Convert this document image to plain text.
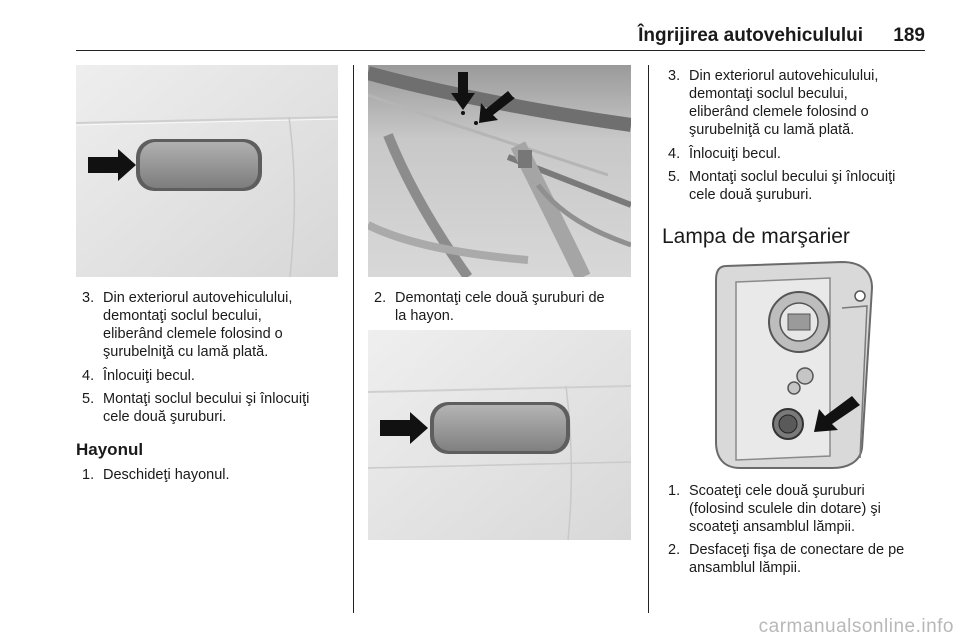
Îngrijirea autovehiculului 189
3. Din exteriorul autovehiculului,
demontaţi soclul becului,
eliberând clemele folosind o
şurubelniţă cu lamă plată.
4. Înlocuiţi becul.
5. Montaţi soclul becului şi înlocuiţi
cele două şuruburi.
Hayonul
1. Deschideţi hayonul.
2. Demontaţi cele două şuruburi de
la hayon.
3. Din exteriorul autovehiculului,
demontaţi soclul becului,
eliberând clemele folosind o
şurubelniţă cu lamă plată.
4. Înlocuiţi becul.
5. Montaţi soclul becului şi înlocuiţi
cele două şuruburi.
Lampa de marşarier
1. Scoateţi cele două şuruburi
(folosind sculele din dotare) şi
scoateţi ansamblul lămpii.
2. Desfaceţi fişa de conectare de pe
ansamblul lămpii.
carmanualsonline.info
